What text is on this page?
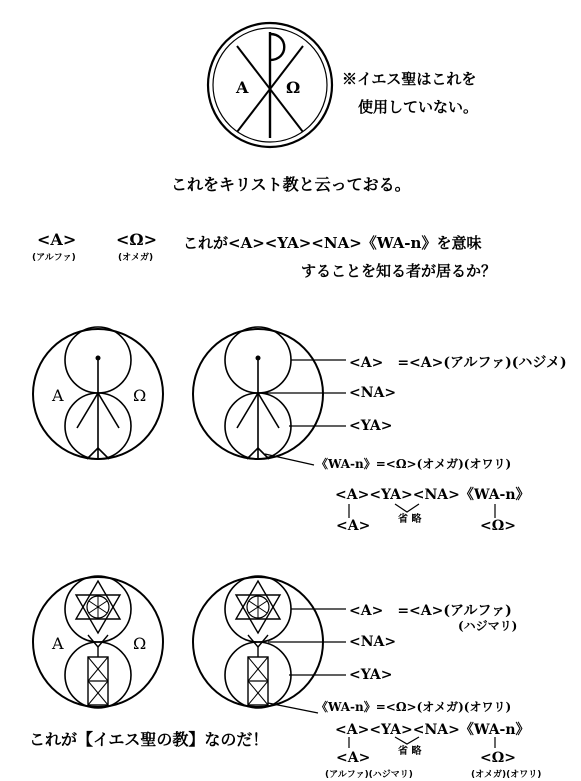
A Ω	※イエス聖はこれを
使用していない。
これをキリスト教と云っておる。
<A>
(アルファ)
<Ω>
(オメガ)
これが<A><YA><NA>《WA-n》を意味
することを知る者が居るか？
A	Ω
<A>　=<A>(アルファ)(ハジメ)
<NA>
<YA>
《WA-n》=<Ω>(オメガ)(オワリ)
<A><YA><NA>《WA-n》
<A>	省 略	<Ω>
A	Ω
<A>　=<A>(アルファ)
(ハジマリ)
<NA>
<YA>
《WA-n》=<Ω>(オメガ)(オワリ)
<A><YA><NA>《WA-n》
省 略
<A>
(アルファ)(ハジマリ)
<Ω>
(オメガ)(オワリ)
これが【イエス聖の教】なのだ！
